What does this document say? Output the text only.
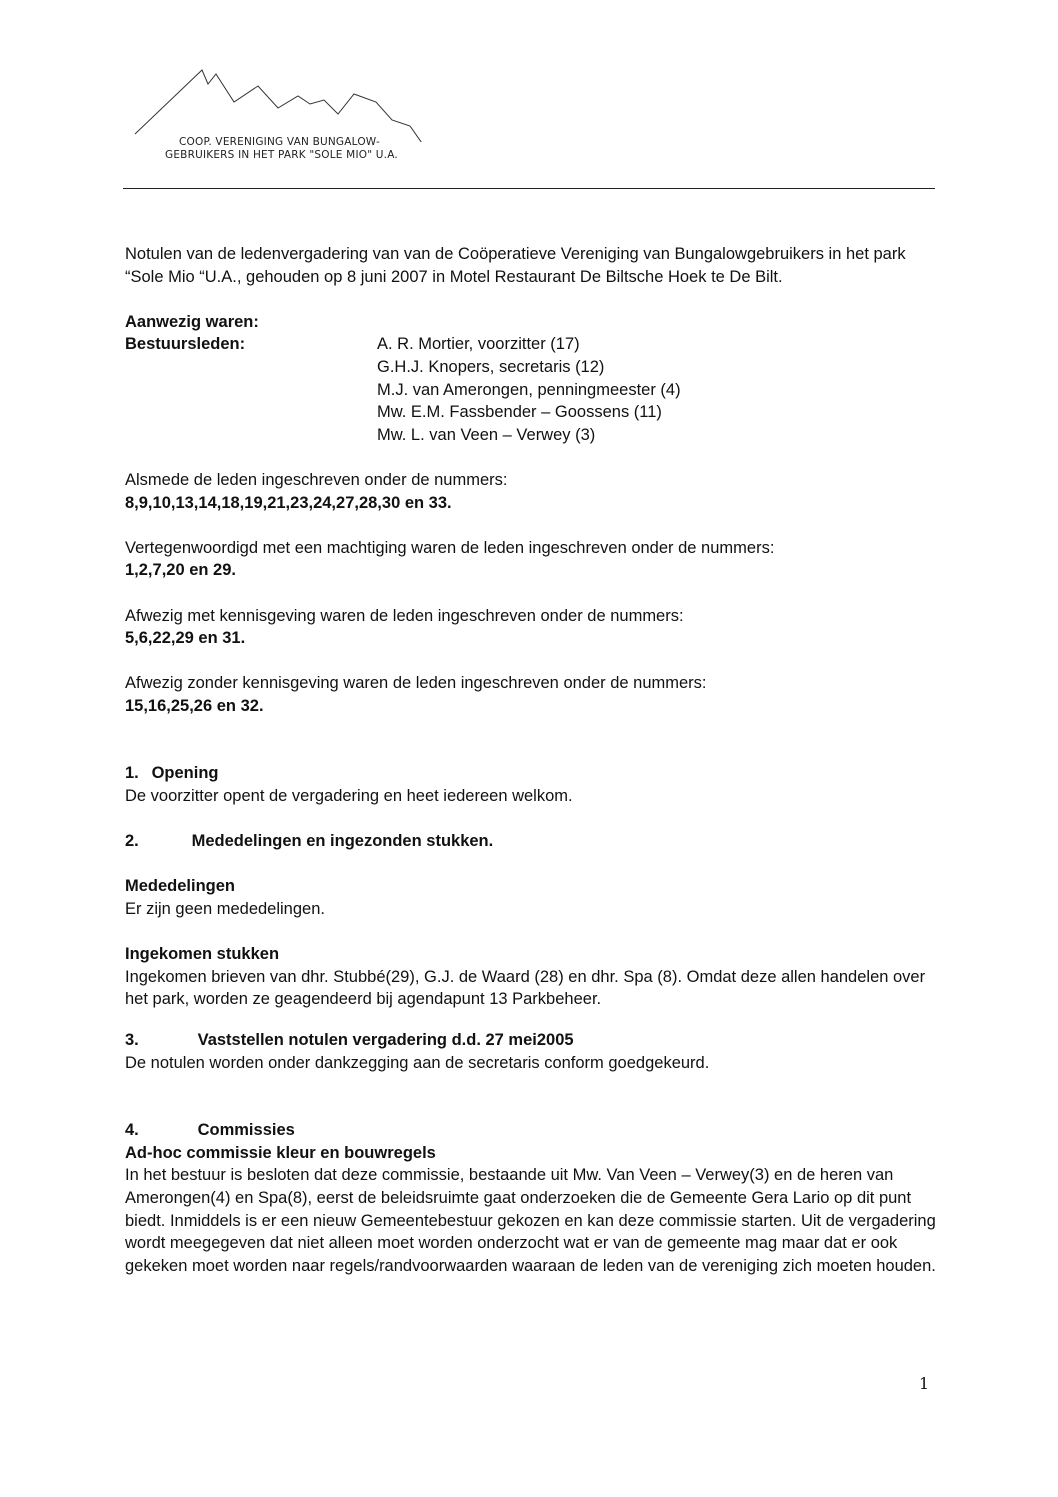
COOP. VERENIGING VAN BUNGALOW-
GEBRUIKERS IN HET PARK "SOLE MIO" U.A.

Notulen van de ledenvergadering van van de Coöperatieve Vereniging van Bungalowgebruikers in het park “Sole Mio “U.A., gehouden op 8 juni 2007 in Motel Restaurant De Biltsche Hoek te De Bilt.

Aanwezig waren:

Bestuursleden:	A. R. Mortier, voorzitter (17)
G.H.J. Knopers, secretaris (12)
M.J. van Amerongen, penningmeester (4)
Mw. E.M. Fassbender – Goossens (11)
Mw. L. van Veen – Verwey (3)

Alsmede de leden ingeschreven onder de nummers:

8,9,10,13,14,18,19,21,23,24,27,28,30 en 33.

Vertegenwoordigd met een machtiging waren de leden ingeschreven onder de nummers:

1,2,7,20 en 29.

Afwezig met kennisgeving waren de leden ingeschreven onder de nummers:

5,6,22,29 en 31.

Afwezig zonder kennisgeving waren de leden ingeschreven onder de nummers:

15,16,25,26 en 32.

1. Opening

De voorzitter opent de vergadering en heet iedereen welkom.

2.	Mededelingen en ingezonden stukken.

Mededelingen

Er zijn geen mededelingen.

Ingekomen stukken

Ingekomen brieven van dhr. Stubbé(29), G.J. de Waard (28) en dhr. Spa (8). Omdat deze allen handelen over het park, worden ze geagendeerd bij agendapunt 13 Parkbeheer.

3.	Vaststellen notulen vergadering d.d. 27 mei2005

De notulen worden onder dankzegging aan de secretaris conform goedgekeurd.

4.	Commissies

Ad-hoc commissie kleur en bouwregels

In het bestuur is besloten dat deze commissie, bestaande uit Mw. Van Veen – Verwey(3) en de heren van Amerongen(4) en Spa(8), eerst de beleidsruimte gaat onderzoeken die de Gemeente Gera Lario op dit punt biedt. Inmiddels is er een nieuw Gemeentebestuur gekozen en kan deze commissie starten. Uit de vergadering wordt meegegeven dat niet alleen moet worden onderzocht wat er van de gemeente mag maar dat er ook gekeken moet worden naar regels/randvoorwaarden waaraan de leden van de vereniging zich moeten houden.

1
